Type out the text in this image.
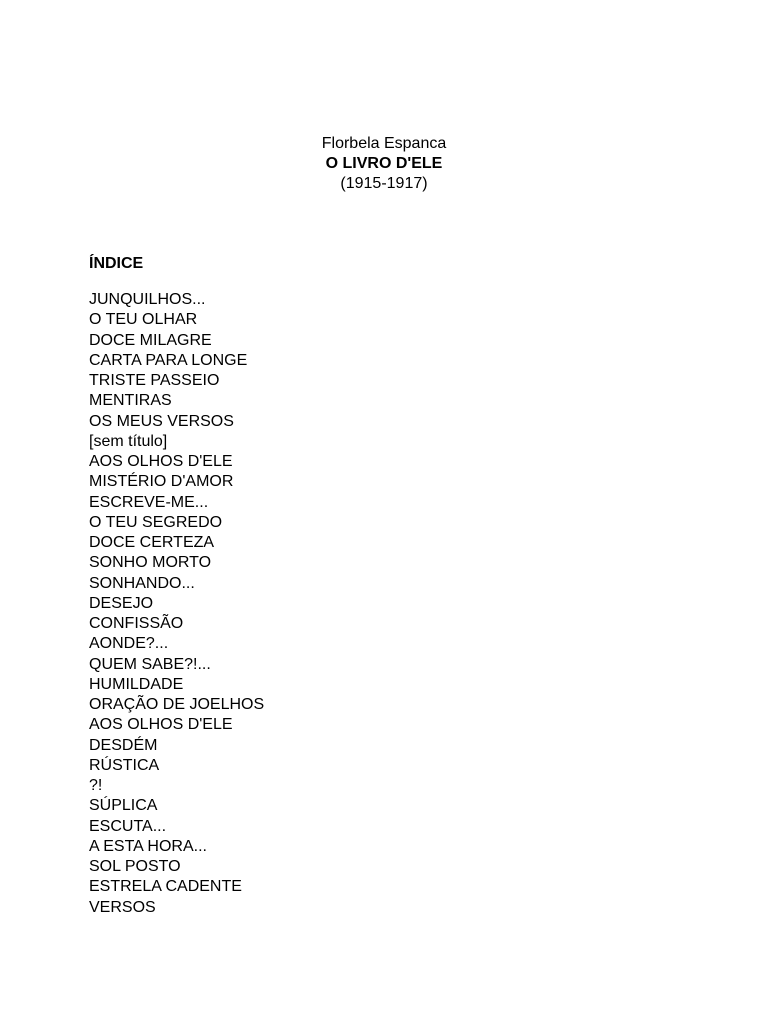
Florbela Espanca
O LIVRO D'ELE
(1915-1917)
ÍNDICE
JUNQUILHOS...
O TEU OLHAR
DOCE MILAGRE
CARTA PARA LONGE
TRISTE PASSEIO
MENTIRAS
OS MEUS VERSOS
[sem título]
AOS OLHOS D'ELE
MISTÉRIO D'AMOR
ESCREVE-ME...
O TEU SEGREDO
DOCE CERTEZA
SONHO MORTO
SONHANDO...
DESEJO
CONFISSÃO
AONDE?...
QUEM SABE?!...
HUMILDADE
ORAÇÃO DE JOELHOS
AOS OLHOS D'ELE
DESDÉM
RÚSTICA
?!
SÚPLICA
ESCUTA...
A ESTA HORA...
SOL POSTO
ESTRELA CADENTE
VERSOS
